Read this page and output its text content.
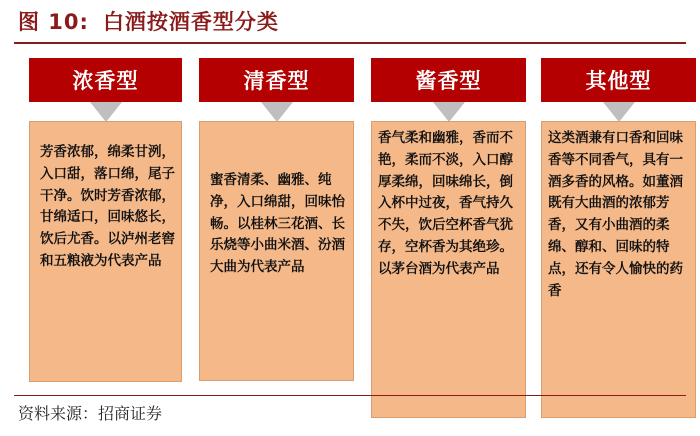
图 10: 白酒按酒香型分类
浓香型

芳香浓郁，绵柔甘洌，入口甜，落口绵，尾子干净。饮时芳香浓郁，甘绵适口，回味悠长，饮后尤香。以泸州老窖和五粮液为代表产品

清香型

蜜香清柔、幽雅、纯净，入口绵甜，回味怡畅。以桂林三花酒、长乐烧等小曲米酒、汾酒大曲为代表产品

酱香型

香气柔和幽雅，香而不艳，柔而不淡，入口醇厚柔绵，回味绵长，倒入杯中过夜，香气持久不失，饮后空杯香气犹存，空杯香为其绝珍。以茅台酒为代表产品

其他型

这类酒兼有口香和回味香等不同香气，具有一酒多香的风格。如董酒既有大曲酒的浓郁芳香，又有小曲酒的柔绵、醇和、回味的特点，还有令人愉快的药香

资料来源：招商证券
